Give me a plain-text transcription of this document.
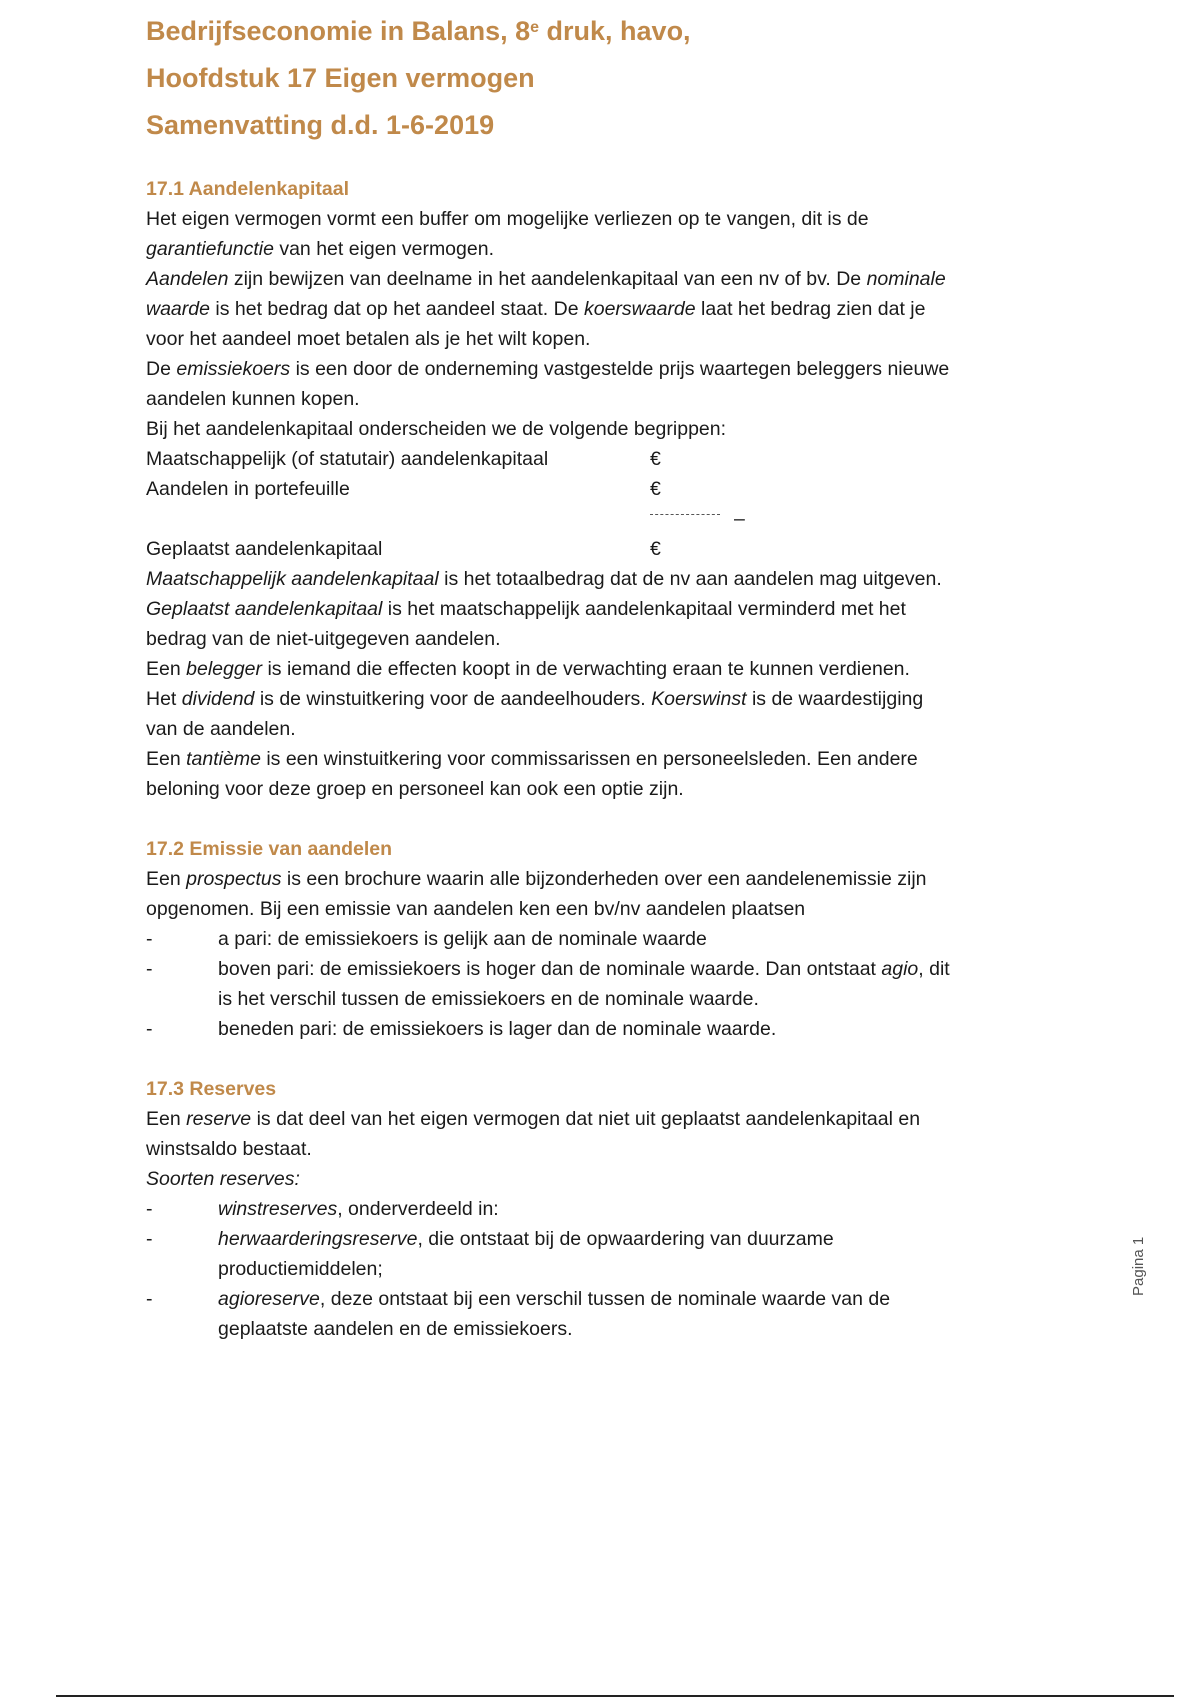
Bedrijfseconomie in Balans, 8e druk, havo,
Hoofdstuk 17 Eigen vermogen
Samenvatting d.d. 1-6-2019
17.1 Aandelenkapitaal
Het eigen vermogen vormt een buffer om mogelijke verliezen op te vangen, dit is de
garantiefunctie van het eigen vermogen.
Aandelen zijn bewijzen van deelname in het aandelenkapitaal van een nv of bv. De nominale
waarde is het bedrag dat op het aandeel staat. De koerswaarde laat het bedrag zien dat je
voor het aandeel moet betalen als je het wilt kopen.
De emissiekoers is een door de onderneming vastgestelde prijs waartegen beleggers nieuwe
aandelen kunnen kopen.
Bij het aandelenkapitaal onderscheiden we de volgende begrippen:
Maatschappelijk (of statutair) aandelenkapitaal	€
Aandelen in portefeuille	€
–
Geplaatst aandelenkapitaal	€
Maatschappelijk aandelenkapitaal is het totaalbedrag dat de nv aan aandelen mag uitgeven.
Geplaatst aandelenkapitaal is het maatschappelijk aandelenkapitaal verminderd met het
bedrag van de niet-uitgegeven aandelen.
Een belegger is iemand die effecten koopt in de verwachting eraan te kunnen verdienen.
Het dividend is de winstuitkering voor de aandeelhouders. Koerswinst is de waardestijging
van de aandelen.
Een tantième is een winstuitkering voor commissarissen en personeelsleden. Een andere
beloning voor deze groep en personeel kan ook een optie zijn.
17.2 Emissie van aandelen
Een prospectus is een brochure waarin alle bijzonderheden over een aandelenemissie zijn
opgenomen. Bij een emissie van aandelen ken een bv/nv aandelen plaatsen
-	a pari: de emissiekoers is gelijk aan de nominale waarde
-	boven pari: de emissiekoers is hoger dan de nominale waarde. Dan ontstaat agio, dit
is het verschil tussen de emissiekoers en de nominale waarde.
-	beneden pari: de emissiekoers is lager dan de nominale waarde.
17.3 Reserves
Een reserve is dat deel van het eigen vermogen dat niet uit geplaatst aandelenkapitaal en
winstsaldo bestaat.
Soorten reserves:
-	winstreserves, onderverdeeld in:
-	herwaarderingsreserve, die ontstaat bij de opwaardering van duurzame
productiemiddelen;
-	agioreserve, deze ontstaat bij een verschil tussen de nominale waarde van de
geplaatste aandelen en de emissiekoers.
Pagina 1
